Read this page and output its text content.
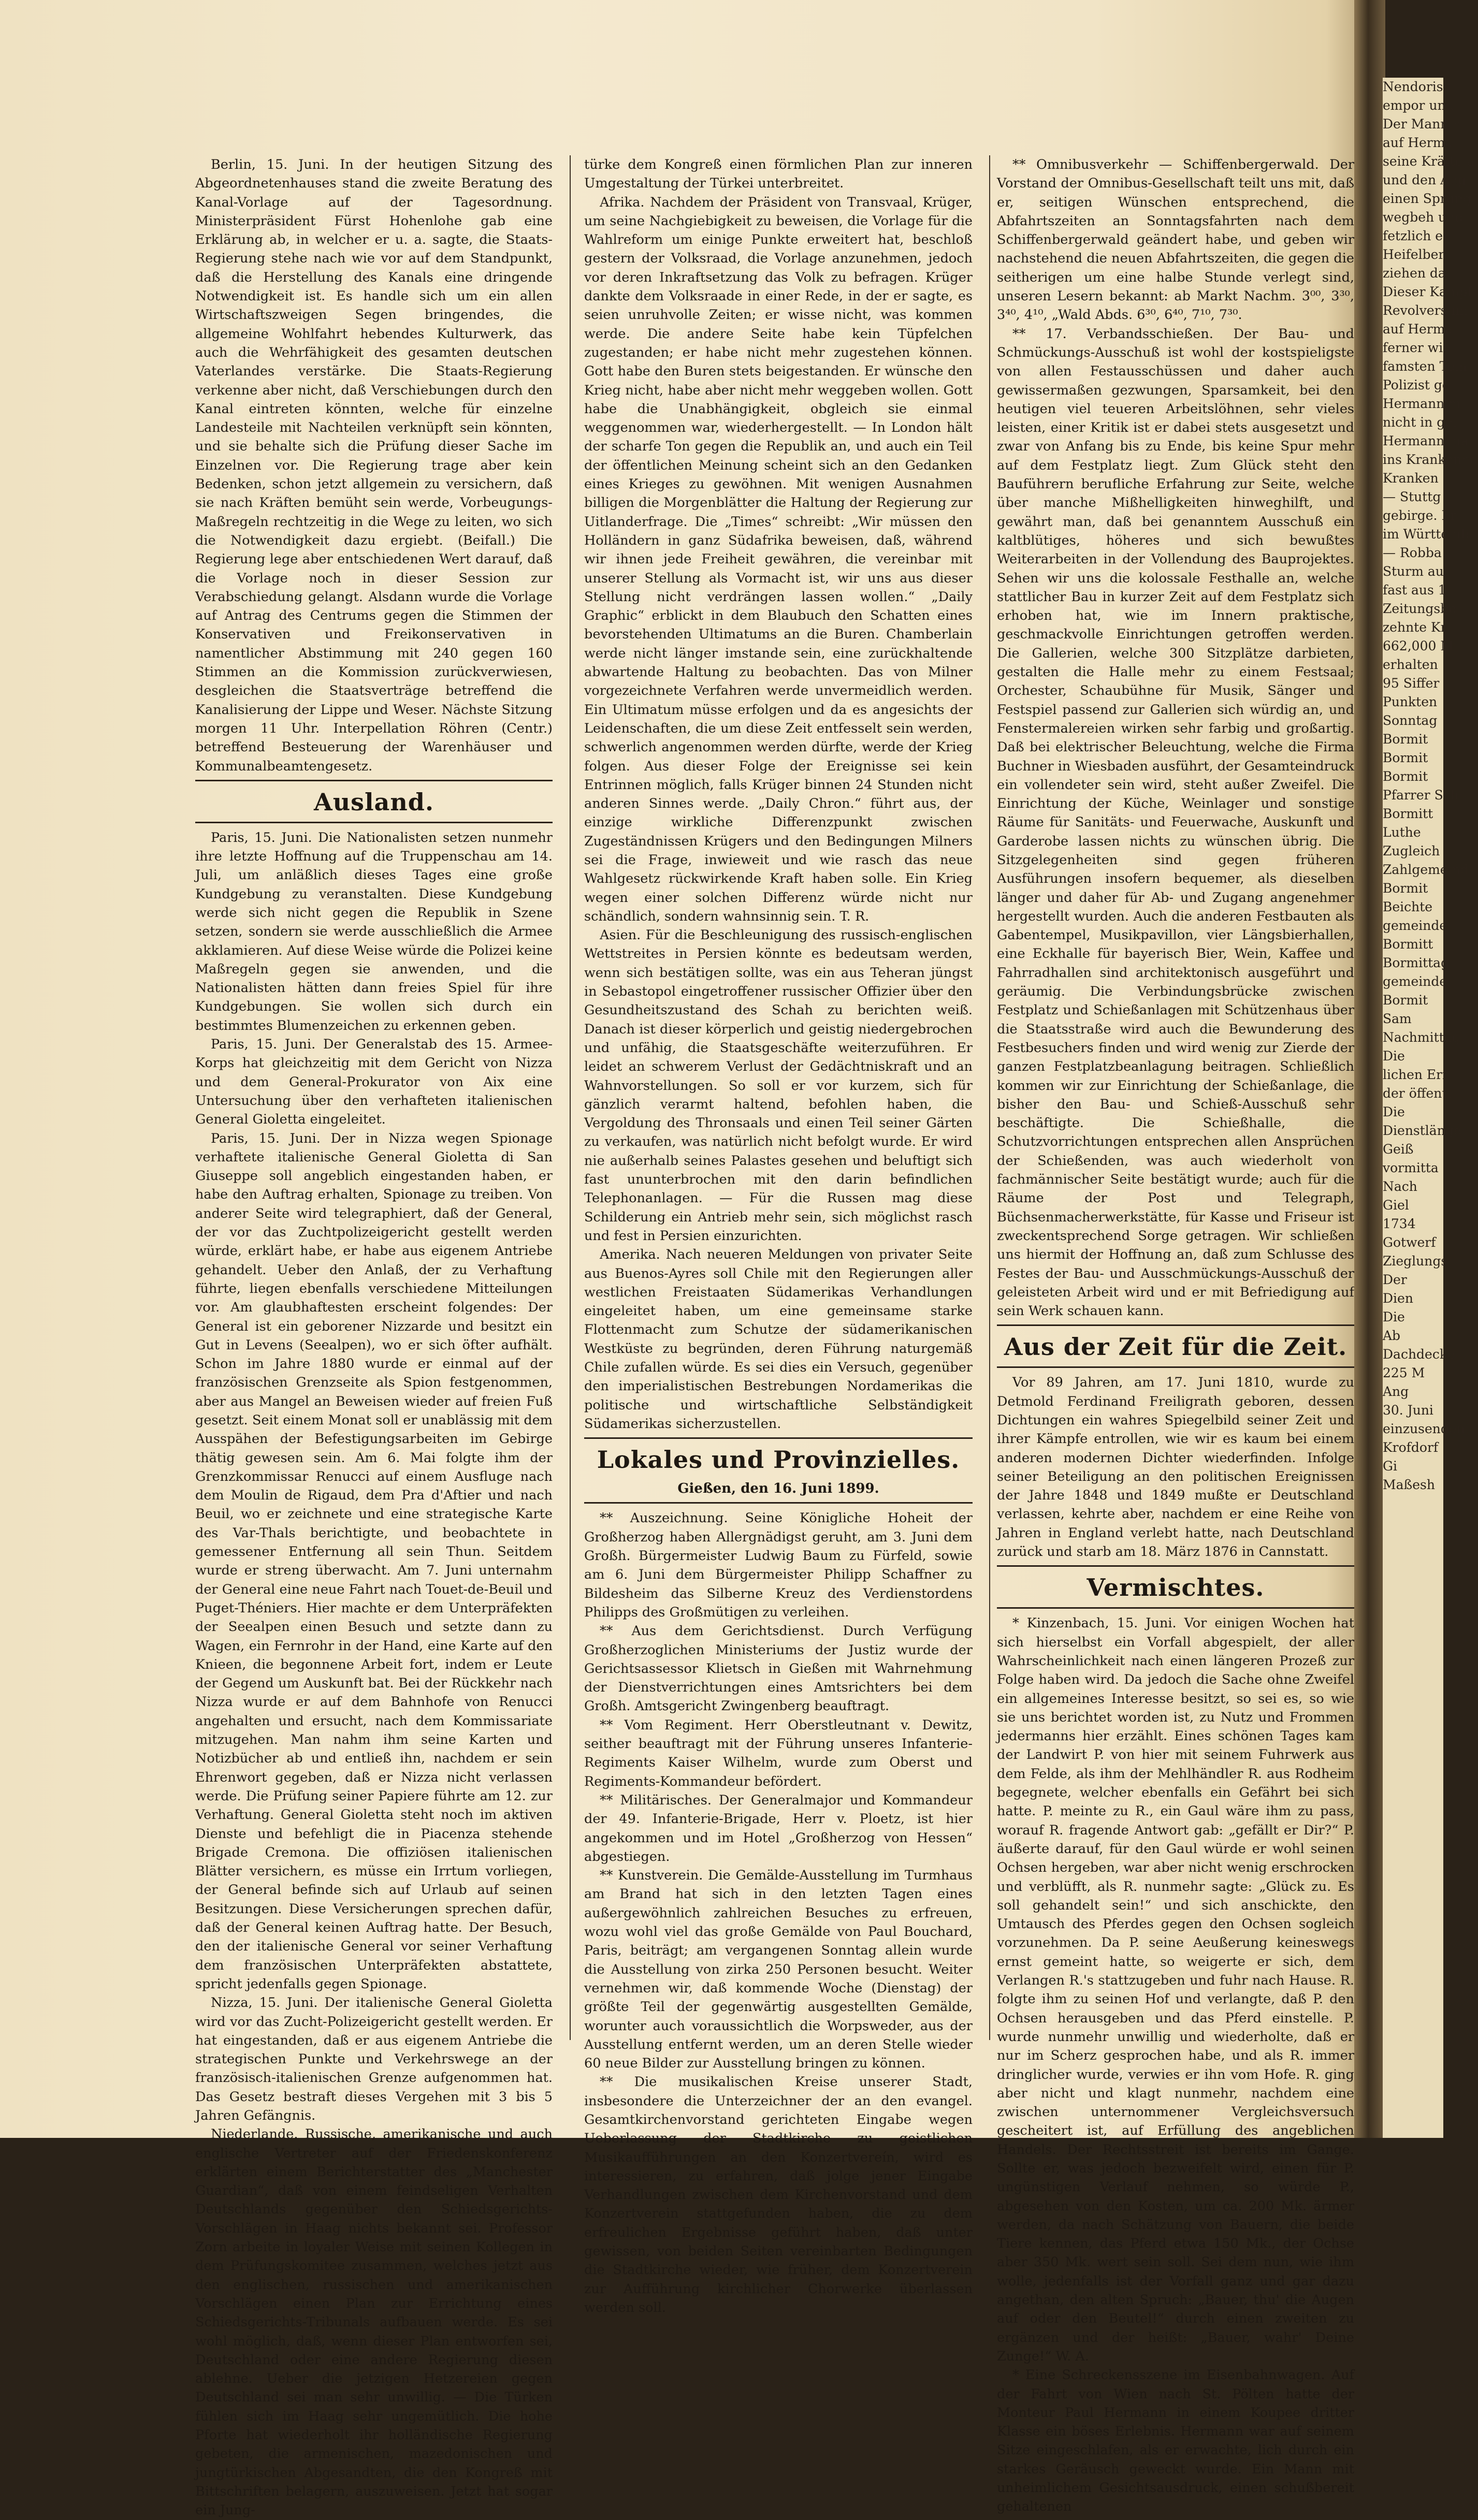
Berlin, 15. Juni. In der heutigen Sitzung des Abgeordnetenhauses stand die zweite Beratung des Kanal-Vorlage auf der Tagesordnung. Ministerpräsident Fürst Hohenlohe gab eine Erklärung ab, in welcher er u. a. sagte, die Staats-Regierung stehe nach wie vor auf dem Standpunkt, daß die Herstellung des Kanals eine dringende Notwendigkeit ist. Es handle sich um ein allen Wirtschaftszweigen Segen bringendes, die allgemeine Wohlfahrt hebendes Kulturwerk, das auch die Wehrfähigkeit des gesamten deutschen Vaterlandes verstärke. Die Staats-Regierung verkenne aber nicht, daß Verschiebungen durch den Kanal eintreten könnten, welche für einzelne Landesteile mit Nachteilen verknüpft sein könnten, und sie behalte sich die Prüfung dieser Sache im Einzelnen vor. Die Regierung trage aber kein Bedenken, schon jetzt allgemein zu versichern, daß sie nach Kräften bemüht sein werde, Vorbeugungs-Maßregeln rechtzeitig in die Wege zu leiten, wo sich die Notwendigkeit dazu ergiebt. (Beifall.) Die Regierung lege aber entschiedenen Wert darauf, daß die Vorlage noch in dieser Session zur Verabschiedung gelangt. Alsdann wurde die Vorlage auf Antrag des Centrums gegen die Stimmen der Konservativen und Freikonservativen in namentlicher Abstimmung mit 240 gegen 160 Stimmen an die Kommission zurückverwiesen, desgleichen die Staatsverträge betreffend die Kanalisierung der Lippe und Weser. Nächste Sitzung morgen 11 Uhr. Interpellation Röhren (Centr.) betreffend Besteuerung der Warenhäuser und Kommunalbeamtengesetz.

Ausland.

Paris, 15. Juni. Die Nationalisten setzen nunmehr ihre letzte Hoffnung auf die Truppenschau am 14. Juli, um anläßlich dieses Tages eine große Kundgebung zu veranstalten. Diese Kundgebung werde sich nicht gegen die Republik in Szene setzen, sondern sie werde ausschließlich die Armee akklamieren. Auf diese Weise würde die Polizei keine Maßregeln gegen sie anwenden, und die Nationalisten hätten dann freies Spiel für ihre Kundgebungen. Sie wollen sich durch ein bestimmtes Blumenzeichen zu erkennen geben.

Paris, 15. Juni. Der Generalstab des 15. Armee-Korps hat gleichzeitig mit dem Gericht von Nizza und dem General-Prokurator von Aix eine Untersuchung über den verhafteten italienischen General Gioletta eingeleitet.

Paris, 15. Juni. Der in Nizza wegen Spionage verhaftete italienische General Gioletta di San Giuseppe soll angeblich eingestanden haben, er habe den Auftrag erhalten, Spionage zu treiben. Von anderer Seite wird telegraphiert, daß der General, der vor das Zuchtpolizeigericht gestellt werden würde, erklärt habe, er habe aus eigenem Antriebe gehandelt. Ueber den Anlaß, der zu Verhaftung führte, liegen ebenfalls verschiedene Mitteilungen vor. Am glaubhaftesten erscheint folgendes: Der General ist ein geborener Nizzarde und besitzt ein Gut in Levens (Seealpen), wo er sich öfter aufhält. Schon im Jahre 1880 wurde er einmal auf der französischen Grenzseite als Spion festgenommen, aber aus Mangel an Beweisen wieder auf freien Fuß gesetzt. Seit einem Monat soll er unablässig mit dem Ausspähen der Befestigungsarbeiten im Gebirge thätig gewesen sein. Am 6. Mai folgte ihm der Grenzkommissar Renucci auf einem Ausfluge nach dem Moulin de Rigaud, dem Pra d'Aftier und nach Beuil, wo er zeichnete und eine strategische Karte des Var-Thals berichtigte, und beobachtete in gemessener Entfernung all sein Thun. Seitdem wurde er streng überwacht. Am 7. Juni unternahm der General eine neue Fahrt nach Touet-de-Beuil und Puget-Théniers. Hier machte er dem Unterpräfekten der Seealpen einen Besuch und setzte dann zu Wagen, ein Fernrohr in der Hand, eine Karte auf den Knieen, die begonnene Arbeit fort, indem er Leute der Gegend um Auskunft bat. Bei der Rückkehr nach Nizza wurde er auf dem Bahnhofe von Renucci angehalten und ersucht, nach dem Kommissariate mitzugehen. Man nahm ihm seine Karten und Notizbücher ab und entließ ihn, nachdem er sein Ehrenwort gegeben, daß er Nizza nicht verlassen werde. Die Prüfung seiner Papiere führte am 12. zur Verhaftung. General Gioletta steht noch im aktiven Dienste und befehligt die in Piacenza stehende Brigade Cremona. Die offiziösen italienischen Blätter versichern, es müsse ein Irrtum vorliegen, der General befinde sich auf Urlaub auf seinen Besitzungen. Diese Versicherungen sprechen dafür, daß der General keinen Auftrag hatte. Der Besuch, den der italienische General vor seiner Verhaftung dem französischen Unterpräfekten abstattete, spricht jedenfalls gegen Spionage.

Nizza, 15. Juni. Der italienische General Gioletta wird vor das Zucht-Polizeigericht gestellt werden. Er hat eingestanden, daß er aus eigenem Antriebe die strategischen Punkte und Verkehrswege an der französisch-italienischen Grenze aufgenommen hat. Das Gesetz bestraft dieses Vergehen mit 3 bis 5 Jahren Gefängnis.

Niederlande. Russische, amerikanische und auch englische Vertreter auf der Friedenskonferenz erklärten einem Berichterstatter des „Manchester Guardian“, daß von einem feindseligen Verhalten Deutschlands gegenüber den Schiedsgerichts-Vorschlägen in Haag nichts bekannt sei. Professor Zorn arbeite in loyaler Weise mit seinen Kollegen in dem Prüfungskomitee zusammen, welches jetzt aus den englischen, russischen und amerikanischen Vorschlägen einen Plan zur Errichtung eines Schiedsgerichts-Tribunals aufbauen werde. Es sei wohl möglich, daß, wenn dieser Plan entworfen sei, Deutschland oder eine andere Regierung diesen ablehne. Ueber die jetzigen Hetzereien gegen Deutschland sei man sehr unwillig. — Die Türken fühlen sich im Haag sehr ungemütlich. Die hohe Pforte hat wiederholt ihr holländische Regierung gebeten, die armenischen, mazedonischen und jungtürkischen Abgesandten, die den Kongreß mit Bittschriften belagern, auszuweisen. Jetzt hat sogar ein Jung-

türke dem Kongreß einen förmlichen Plan zur inneren Umgestaltung der Türkei unterbreitet.

Afrika. Nachdem der Präsident von Transvaal, Krüger, um seine Nachgiebigkeit zu beweisen, die Vorlage für die Wahlreform um einige Punkte erweitert hat, beschloß gestern der Volksraad, die Vorlage anzunehmen, jedoch vor deren Inkraftsetzung das Volk zu befragen. Krüger dankte dem Volksraade in einer Rede, in der er sagte, es seien unruhvolle Zeiten; er wisse nicht, was kommen werde. Die andere Seite habe kein Tüpfelchen zugestanden; er habe nicht mehr zugestehen können. Gott habe den Buren stets beigestanden. Er wünsche den Krieg nicht, habe aber nicht mehr weggeben wollen. Gott habe die Unabhängigkeit, obgleich sie einmal weggenommen war, wiederhergestellt. — In London hält der scharfe Ton gegen die Republik an, und auch ein Teil der öffentlichen Meinung scheint sich an den Gedanken eines Krieges zu gewöhnen. Mit wenigen Ausnahmen billigen die Morgenblätter die Haltung der Regierung zur Uitlanderfrage. Die „Times“ schreibt: „Wir müssen den Holländern in ganz Südafrika beweisen, daß, während wir ihnen jede Freiheit gewähren, die vereinbar mit unserer Stellung als Vormacht ist, wir uns aus dieser Stellung nicht verdrängen lassen wollen.“ „Daily Graphic“ erblickt in dem Blaubuch den Schatten eines bevorstehenden Ultimatums an die Buren. Chamberlain werde nicht länger imstande sein, eine zurückhaltende abwartende Haltung zu beobachten. Das von Milner vorgezeichnete Verfahren werde unvermeidlich werden. Ein Ultimatum müsse erfolgen und da es angesichts der Leidenschaften, die um diese Zeit entfesselt sein werden, schwerlich angenommen werden dürfte, werde der Krieg folgen. Aus dieser Folge der Ereignisse sei kein Entrinnen möglich, falls Krüger binnen 24 Stunden nicht anderen Sinnes werde. „Daily Chron.“ führt aus, der einzige wirkliche Differenzpunkt zwischen Zugeständnissen Krügers und den Bedingungen Milners sei die Frage, inwieweit und wie rasch das neue Wahlgesetz rückwirkende Kraft haben solle. Ein Krieg wegen einer solchen Differenz würde nicht nur schändlich, sondern wahnsinnig sein. T. R.

Asien. Für die Beschleunigung des russisch-englischen Wettstreites in Persien könnte es bedeutsam werden, wenn sich bestätigen sollte, was ein aus Teheran jüngst in Sebastopol eingetroffener russischer Offizier über den Gesundheitszustand des Schah zu berichten weiß. Danach ist dieser körperlich und geistig niedergebrochen und unfähig, die Staatsgeschäfte weiterzuführen. Er leidet an schwerem Verlust der Gedächtniskraft und an Wahnvorstellungen. So soll er vor kurzem, sich für gänzlich verarmt haltend, befohlen haben, die Vergoldung des Thronsaals und einen Teil seiner Gärten zu verkaufen, was natürlich nicht befolgt wurde. Er wird nie außerhalb seines Palastes gesehen und beluftigt sich fast ununterbrochen mit den darin befindlichen Telephonanlagen. — Für die Russen mag diese Schilderung ein Antrieb mehr sein, sich möglichst rasch und fest in Persien einzurichten.

Amerika. Nach neueren Meldungen von privater Seite aus Buenos-Ayres soll Chile mit den Regierungen aller westlichen Freistaaten Südamerikas Verhandlungen eingeleitet haben, um eine gemeinsame starke Flottenmacht zum Schutze der südamerikanischen Westküste zu begründen, deren Führung naturgemäß Chile zufallen würde. Es sei dies ein Versuch, gegenüber den imperialistischen Bestrebungen Nordamerikas die politische und wirtschaftliche Selbständigkeit Südamerikas sicherzustellen.

Lokales und Provinzielles.
Gießen, den 16. Juni 1899.

** Auszeichnung. Seine Königliche Hoheit der Großherzog haben Allergnädigst geruht, am 3. Juni dem Großh. Bürgermeister Ludwig Baum zu Fürfeld, sowie am 6. Juni dem Bürgermeister Philipp Schaffner zu Bildesheim das Silberne Kreuz des Verdienstordens Philipps des Großmütigen zu verleihen.

** Aus dem Gerichtsdienst. Durch Verfügung Großherzoglichen Ministeriums der Justiz wurde der Gerichtsassessor Klietsch in Gießen mit Wahrnehmung der Dienstverrichtungen eines Amtsrichters bei dem Großh. Amtsgericht Zwingenberg beauftragt.

** Vom Regiment. Herr Oberstleutnant v. Dewitz, seither beauftragt mit der Führung unseres Infanterie-Regiments Kaiser Wilhelm, wurde zum Oberst und Regiments-Kommandeur befördert.

** Militärisches. Der Generalmajor und Kommandeur der 49. Infanterie-Brigade, Herr v. Ploetz, ist hier angekommen und im Hotel „Großherzog von Hessen“ abgestiegen.

** Kunstverein. Die Gemälde-Ausstellung im Turmhaus am Brand hat sich in den letzten Tagen eines außergewöhnlich zahlreichen Besuches zu erfreuen, wozu wohl viel das große Gemälde von Paul Bouchard, Paris, beiträgt; am vergangenen Sonntag allein wurde die Ausstellung von zirka 250 Personen besucht. Weiter vernehmen wir, daß kommende Woche (Dienstag) der größte Teil der gegenwärtig ausgestellten Gemälde, worunter auch voraussichtlich die Worpsweder, aus der Ausstellung entfernt werden, um an deren Stelle wieder 60 neue Bilder zur Ausstellung bringen zu können.

** Die musikalischen Kreise unserer Stadt, insbesondere die Unterzeichner der an den evangel. Gesamtkirchenvorstand gerichteten Eingabe wegen Ueberlassung der Stadtkirche zu geistlichen Musikaufführungen an den Konzertvereín, wird es interessieren, zu erfahren, daß jolge jener Eingabe Verhandlungen zwischen dem Kirchenvorstand und dem Konzertverein stattgefunden haben, die zu dem erfreulichen Ergebnisse geführt haben, daß unter gewissen, von beiden Seiten vereinbarten Bedingungen die Stadtkirche wieder, wie früher, dem Konzertverein zur Aufführung kirchlicher Chorwerke überlassen werden soll.

** Omnibusverkehr — Schiffenbergerwald. Der Vorstand der Omnibus-Gesellschaft teilt uns mit, daß er, seitigen Wünschen entsprechend, die Abfahrtszeiten an Sonntagsfahrten nach dem Schiffenbergerwald geändert habe, und geben wir nachstehend die neuen Abfahrtszeiten, die gegen die seitherigen um eine halbe Stunde verlegt sind, unseren Lesern bekannt: ab Markt Nachm. 3⁰⁰, 3³⁰, 3⁴⁰, 4¹⁰, „Wald Abds. 6³⁰, 6⁴⁰, 7¹⁰, 7³⁰.

** 17. Verbandsschießen. Der Bau- und Schmückungs-Ausschuß ist wohl der kostspieligste von allen Festausschüssen und daher auch gewissermaßen gezwungen, Sparsamkeit, bei den heutigen viel teueren Arbeitslöhnen, sehr vieles leisten, einer Kritik ist er dabei stets ausgesetzt und zwar von Anfang bis zu Ende, bis keine Spur mehr auf dem Festplatz liegt. Zum Glück steht den Bauführern berufliche Erfahrung zur Seite, welche über manche Mißhelligkeiten hinweghilft, und gewährt man, daß bei genanntem Ausschuß ein kaltblütiges, höheres und sich bewußtes Weiterarbeiten in der Vollendung des Bauprojektes. Sehen wir uns die kolossale Festhalle an, welche stattlicher Bau in kurzer Zeit auf dem Festplatz sich erhoben hat, wie im Innern praktische, geschmackvolle Einrichtungen getroffen werden. Die Gallerien, welche 300 Sitzplätze darbieten, gestalten die Halle mehr zu einem Festsaal; Orchester, Schaubühne für Musik, Sänger und Festspiel passend zur Gallerien sich würdig an, und Fenstermalereien wirken sehr farbig und großartig. Daß bei elektrischer Beleuchtung, welche die Firma Buchner in Wiesbaden ausführt, der Gesamteindruck ein vollendeter sein wird, steht außer Zweifel. Die Einrichtung der Küche, Weinlager und sonstige Räume für Sanitäts- und Feuerwache, Auskunft und Garderobe lassen nichts zu wünschen übrig. Die Sitzgelegenheiten sind gegen früheren Ausführungen insofern bequemer, als dieselben länger und daher für Ab- und Zugang angenehmer hergestellt wurden. Auch die anderen Festbauten als Gabentempel, Musikpavillon, vier Längsbierhallen, eine Eckhalle für bayerisch Bier, Wein, Kaffee und Fahrradhallen sind architektonisch ausgeführt und geräumig. Die Verbindungsbrücke zwischen Festplatz und Schießanlagen mit Schützenhaus über die Staatsstraße wird auch die Bewunderung des Festbesuchers finden und wird wenig zur Zierde der ganzen Festplatzbeanlagung beitragen. Schließlich kommen wir zur Einrichtung der Schießanlage, die bisher den Bau- und Schieß-Ausschuß sehr beschäftigte. Die Schießhalle, die Schutzvorrichtungen entsprechen allen Ansprüchen der Schießenden, was auch wiederholt von fachmännischer Seite bestätigt wurde; auch für die Räume der Post und Telegraph, Büchsenmacherwerkstätte, für Kasse und Friseur ist zweckentsprechend Sorge getragen. Wir schließen uns hiermit der Hoffnung an, daß zum Schlusse des Festes der Bau- und Ausschmückungs-Ausschuß der geleisteten Arbeit wird und er mit Befriedigung auf sein Werk schauen kann.

Aus der Zeit für die Zeit.

Vor 89 Jahren, am 17. Juni 1810, wurde zu Detmold Ferdinand Freiligrath geboren, dessen Dichtungen ein wahres Spiegelbild seiner Zeit und ihrer Kämpfe entrollen, wie wir es kaum bei einem anderen modernen Dichter wiederfinden. Infolge seiner Beteiligung an den politischen Ereignissen der Jahre 1848 und 1849 mußte er Deutschland verlassen, kehrte aber, nachdem er eine Reihe von Jahren in England verlebt hatte, nach Deutschland zurück und starb am 18. März 1876 in Cannstatt.

Vermischtes.

* Kinzenbach, 15. Juni. Vor einigen Wochen hat sich hierselbst ein Vorfall abgespielt, der aller Wahrscheinlichkeit nach einen längeren Prozeß zur Folge haben wird. Da jedoch die Sache ohne Zweifel ein allgemeines Interesse besitzt, so sei es, so wie sie uns berichtet worden ist, zu Nutz und Frommen jedermanns hier erzählt. Eines schönen Tages kam der Landwirt P. von hier mit seinem Fuhrwerk aus dem Felde, als ihm der Mehlhändler R. aus Rodheim begegnete, welcher ebenfalls ein Gefährt bei sich hatte. P. meinte zu R., ein Gaul wäre ihm zu pass, worauf R. fragende Antwort gab: „gefällt er Dir?“ P. äußerte darauf, für den Gaul würde er wohl seinen Ochsen hergeben, war aber nicht wenig erschrocken und verblüfft, als R. nunmehr sagte: „Glück zu. Es soll gehandelt sein!“ und sich anschickte, den Umtausch des Pferdes gegen den Ochsen sogleich vorzunehmen. Da P. seine Aeußerung keineswegs ernst gemeint hatte, so weigerte er sich, dem Verlangen R.'s stattzugeben und fuhr nach Hause. R. folgte ihm zu seinen Hof und verlangte, daß P. den Ochsen herausgeben und das Pferd einstelle. P. wurde nunmehr unwillig und wiederholte, daß er nur im Scherz gesprochen habe, und als R. immer dringlicher wurde, verwies er ihn vom Hofe. R. ging aber nicht und klagt nunmehr, nachdem eine zwischen unternommener Vergleichsversuch gescheitert ist, auf Erfüllung des angeblichen Handels. Der Rechtsstreit ist bereits im Gange. Sollte er, was jedoch bezweifelt wird, einen für P. ungünstigen Verlauf nehmen, so würde P., abgesehen von den Kosten, um ca. 200 Mk. ärmer werden, da nach Schätzung von Bauern, die beide Tiere kennen, das Pferd etwa 150 Mk., der Ochse aber 350 Mk. wert sein soll. Sei dem nun, wie ihm wolle, jedenfalls ist der Vorfall ganz und gar dazu angethan, den alten Spruch: „Bauer, thu' die Augen auf oder den Beutel!“ durch einen zweiten zu ergänzen und der heißt: „Bauer, wahr' Deine Zunge!“ W. A.

* Eine Schreckensszene im Eisenbahnwagen. Auf der Fahrt von Wien nach St. Pölten hatte der Monteur Paul Hermann in einem Koupee dritter Klasse ein böses Erlebnis. Hermann war auf seinem Sitze eingeschlafen, als er erwachte, lich durch ein starkes Geräusch geweckt wurde. Ein Mann mit unheimlichem Gesichtsausdruck, einen schußbereit gehaltenen

Nendoris i

empor und

Der Mann h

auf Herma

seine Kräfte a

und den Ang

einen Sprung

wegbeh und

fetzlich ei

Heifelber

ziehen da

Dieser Kampf

Revolvers im

auf Herma

ferner wie

famsten Tem

Polizist ge

Hermann m

nicht in ger

Hermann ma

ins Krankenha

Kranken

— Stuttg

gebirge. Fr

im Württemb

— Robba

Sturm auf

fast aus 1

Zeitungsbe

zehnte Kr

662,000 M

erhalten

95 Siffer

Punkten

Sonntag

Bormit

Bormit

Bormit

Pfarrer Sch

Bormitt

Luthe

Zugleich

Zahlgemeind

Bormit

Beichte

gemeinde.

Bormitt

Bormittag

gemeinde.

Bormit

Sam

Nachmittag

Die

lichen Ern

der öffentl

Die

Dienstlänge

Geiß

vormitta

Nach

Giel

1734

Gotwerf

Zieglungs

Der

Dien

Die

Ab

Dachdecke

225 M

Ang

30. Juni

einzusenden

Krofdorf

Gi

Maßesh
